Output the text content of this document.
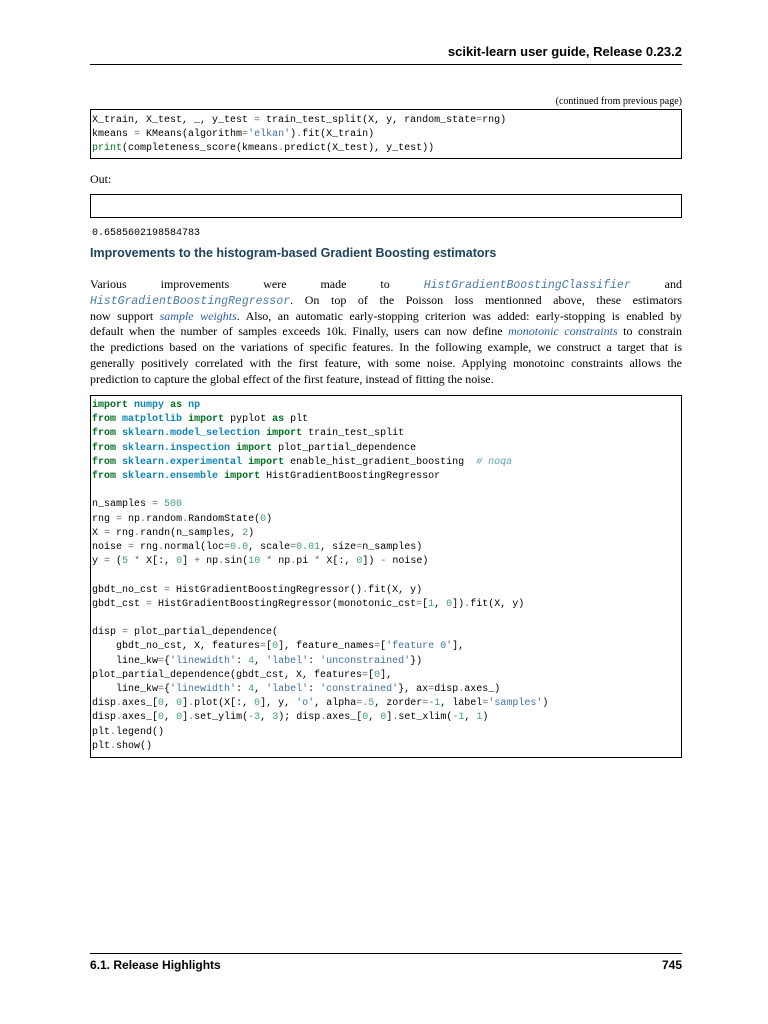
scikit-learn user guide, Release 0.23.2
(continued from previous page)
X_train, X_test, _, y_test = train_test_split(X, y, random_state=rng)
kmeans = KMeans(algorithm='elkan').fit(X_train)
print(completeness_score(kmeans.predict(X_test), y_test))
Out:

0.6585602198584783

Improvements to the histogram-based Gradient Boosting estimators
Various improvements were made to HistGradientBoostingClassifier and
HistGradientBoostingRegressor. On top of the Poisson loss mentionned above, these estimators
now support sample weights. Also, an automatic early-stopping criterion was added: early-stopping is enabled by
default when the number of samples exceeds 10k. Finally, users can now define monotonic constraints to constrain
the predictions based on the variations of specific features. In the following example, we construct a target that is
generally positively correlated with the first feature, with some noise. Applying monotoinc constraints allows the
prediction to capture the global effect of the first feature, instead of fitting the noise.
import numpy as np
from matplotlib import pyplot as plt
from sklearn.model_selection import train_test_split
from sklearn.inspection import plot_partial_dependence
from sklearn.experimental import enable_hist_gradient_boosting  # noqa
from sklearn.ensemble import HistGradientBoostingRegressor
n_samples = 500
rng = np.random.RandomState(0)
X = rng.randn(n_samples, 2)
noise = rng.normal(loc=0.0, scale=0.01, size=n_samples)
y = (5 * X[:, 0] + np.sin(10 * np.pi * X[:, 0]) - noise)
gbdt_no_cst = HistGradientBoostingRegressor().fit(X, y)
gbdt_cst = HistGradientBoostingRegressor(monotonic_cst=[1, 0]).fit(X, y)
disp = plot_partial_dependence(
gbdt_no_cst, X, features=[0], feature_names=['feature 0'],
line_kw={'linewidth': 4, 'label': 'unconstrained'})
plot_partial_dependence(gbdt_cst, X, features=[0],
line_kw={'linewidth': 4, 'label': 'constrained'}, ax=disp.axes_)
disp.axes_[0, 0].plot(X[:, 0], y, 'o', alpha=.5, zorder=-1, label='samples')
disp.axes_[0, 0].set_ylim(-3, 3); disp.axes_[0, 0].set_xlim(-1, 1)
plt.legend()
plt.show()
6.1. Release Highlights	745
